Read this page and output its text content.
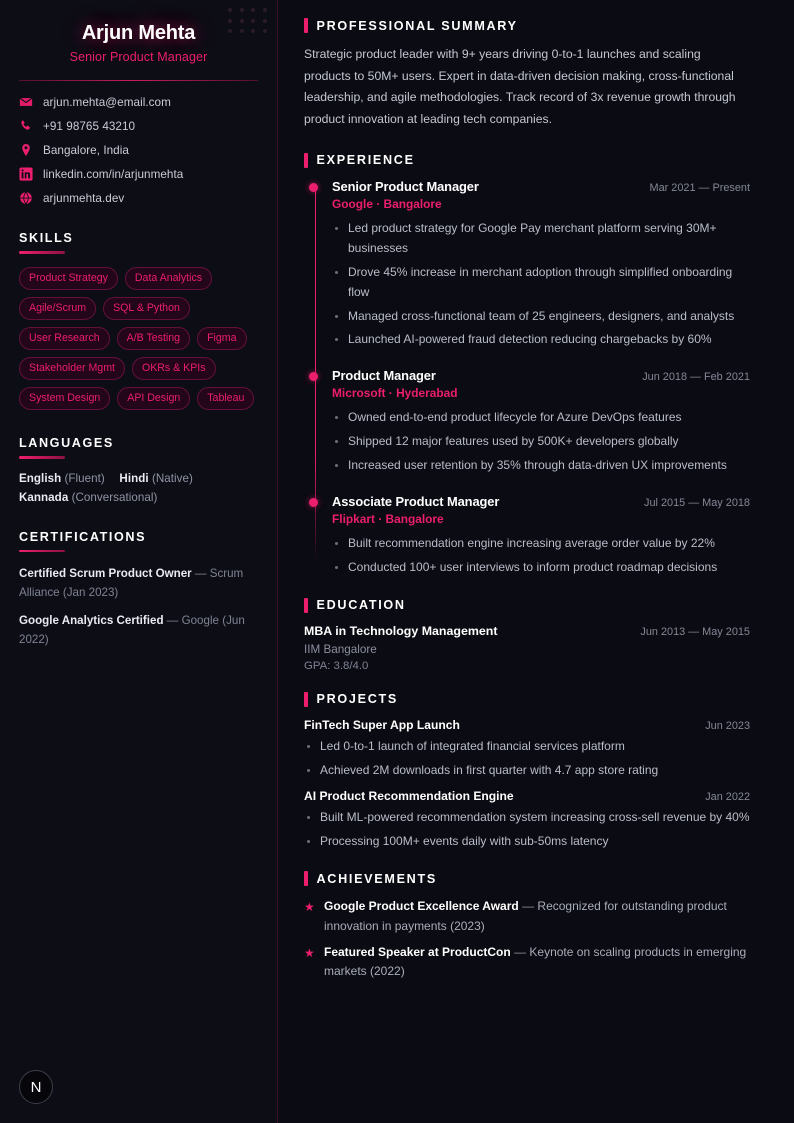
Arjun Mehta
Senior Product Manager
arjun.mehta@email.com
+91 98765 43210
Bangalore, India
linkedin.com/in/arjunmehta
arjunmehta.dev
SKILLS
Product Strategy	Data Analytics
Agile/Scrum	SQL & Python
User Research	A/B Testing	Figma
Stakeholder Mgmt	OKRs & KPIs
System Design	API Design	Tableau
LANGUAGES
English (Fluent) Hindi (Native)
Kannada (Conversational)
CERTIFICATIONS
Certified Scrum Product Owner — Scrum Alliance (Jan 2023)
Google Analytics Certified — Google (Jun 2022)
N
PROFESSIONAL SUMMARY

Strategic product leader with 9+ years driving 0-to-1 launches and scaling products to 50M+ users. Expert in data-driven decision making, cross-functional leadership, and agile methodologies. Track record of 3x revenue growth through product innovation at leading tech companies.

EXPERIENCE
Senior Product Manager	Mar 2021 — Present
Google · Bangalore
Led product strategy for Google Pay merchant platform serving 30M+ businesses
Drove 45% increase in merchant adoption through simplified onboarding flow
Managed cross-functional team of 25 engineers, designers, and analysts
Launched AI-powered fraud detection reducing chargebacks by 60%
Product Manager	Jun 2018 — Feb 2021
Microsoft · Hyderabad
Owned end-to-end product lifecycle for Azure DevOps features
Shipped 12 major features used by 500K+ developers globally
Increased user retention by 35% through data-driven UX improvements
Associate Product Manager	Jul 2015 — May 2018
Flipkart · Bangalore
Built recommendation engine increasing average order value by 22%
Conducted 100+ user interviews to inform product roadmap decisions
EDUCATION
MBA in Technology Management	Jun 2013 — May 2015
IIM Bangalore
GPA: 3.8/4.0
PROJECTS
FinTech Super App Launch	Jun 2023
Led 0-to-1 launch of integrated financial services platform
Achieved 2M downloads in first quarter with 4.7 app store rating
AI Product Recommendation Engine	Jan 2022
Built ML-powered recommendation system increasing cross-sell revenue by 40%
Processing 100M+ events daily with sub-50ms latency
ACHIEVEMENTS
★ Google Product Excellence Award — Recognized for outstanding product innovation in payments (2023)
★ Featured Speaker at ProductCon — Keynote on scaling products in emerging markets (2022)
